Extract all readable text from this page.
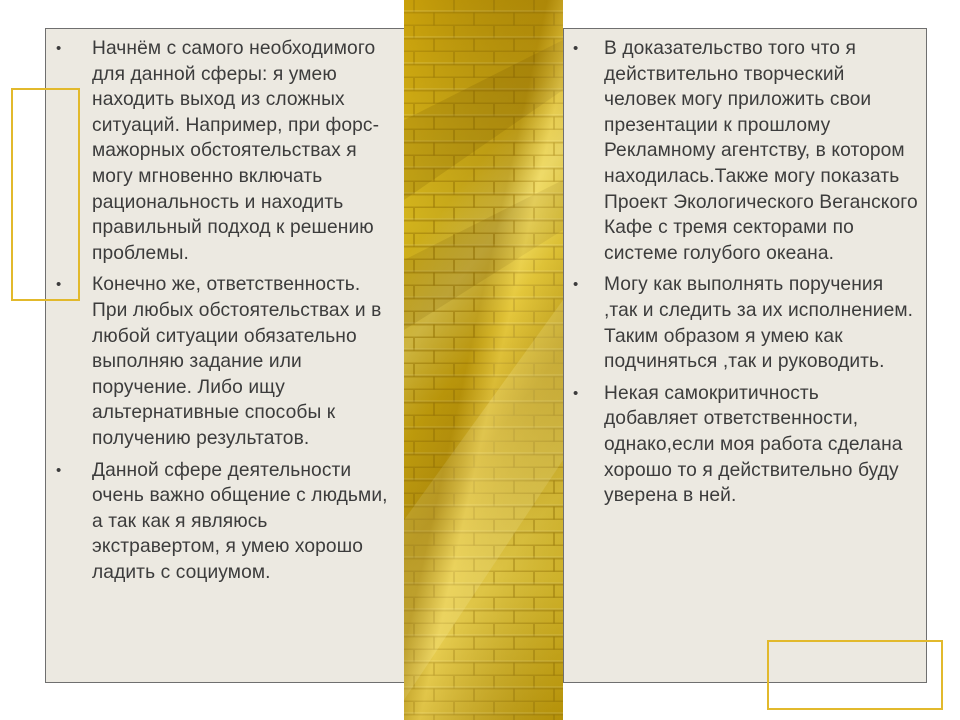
• Начнём с самого необходимого для данной сферы: я умею находить выход из сложных ситуаций. Например, при форс-мажорных обстоятельствах я могу мгновенно включать рациональность и находить правильный подход к решению проблемы.
• Конечно же, ответственность. При любых обстоятельствах и в любой ситуации обязательно выполняю задание или поручение. Либо ищу альтернативные способы к получению результатов.
• Данной сфере деятельности очень важно общение с людьми, а так как я являюсь экстравертом, я умею хорошо ладить с социумом.
• В доказательство того что я действительно творческий человек могу приложить свои презентации к прошлому Рекламному агентству, в котором находилась.Также могу показать Проект Экологического Веганского Кафе с тремя секторами по системе голубого океана.
• Могу как выполнять поручения ,так и следить за их исполнением. Таким образом я умею как подчиняться ,так и руководить.
• Некая самокритичность добавляет ответственности, однако,если моя работа сделана хорошо то я действительно буду уверена в ней.
